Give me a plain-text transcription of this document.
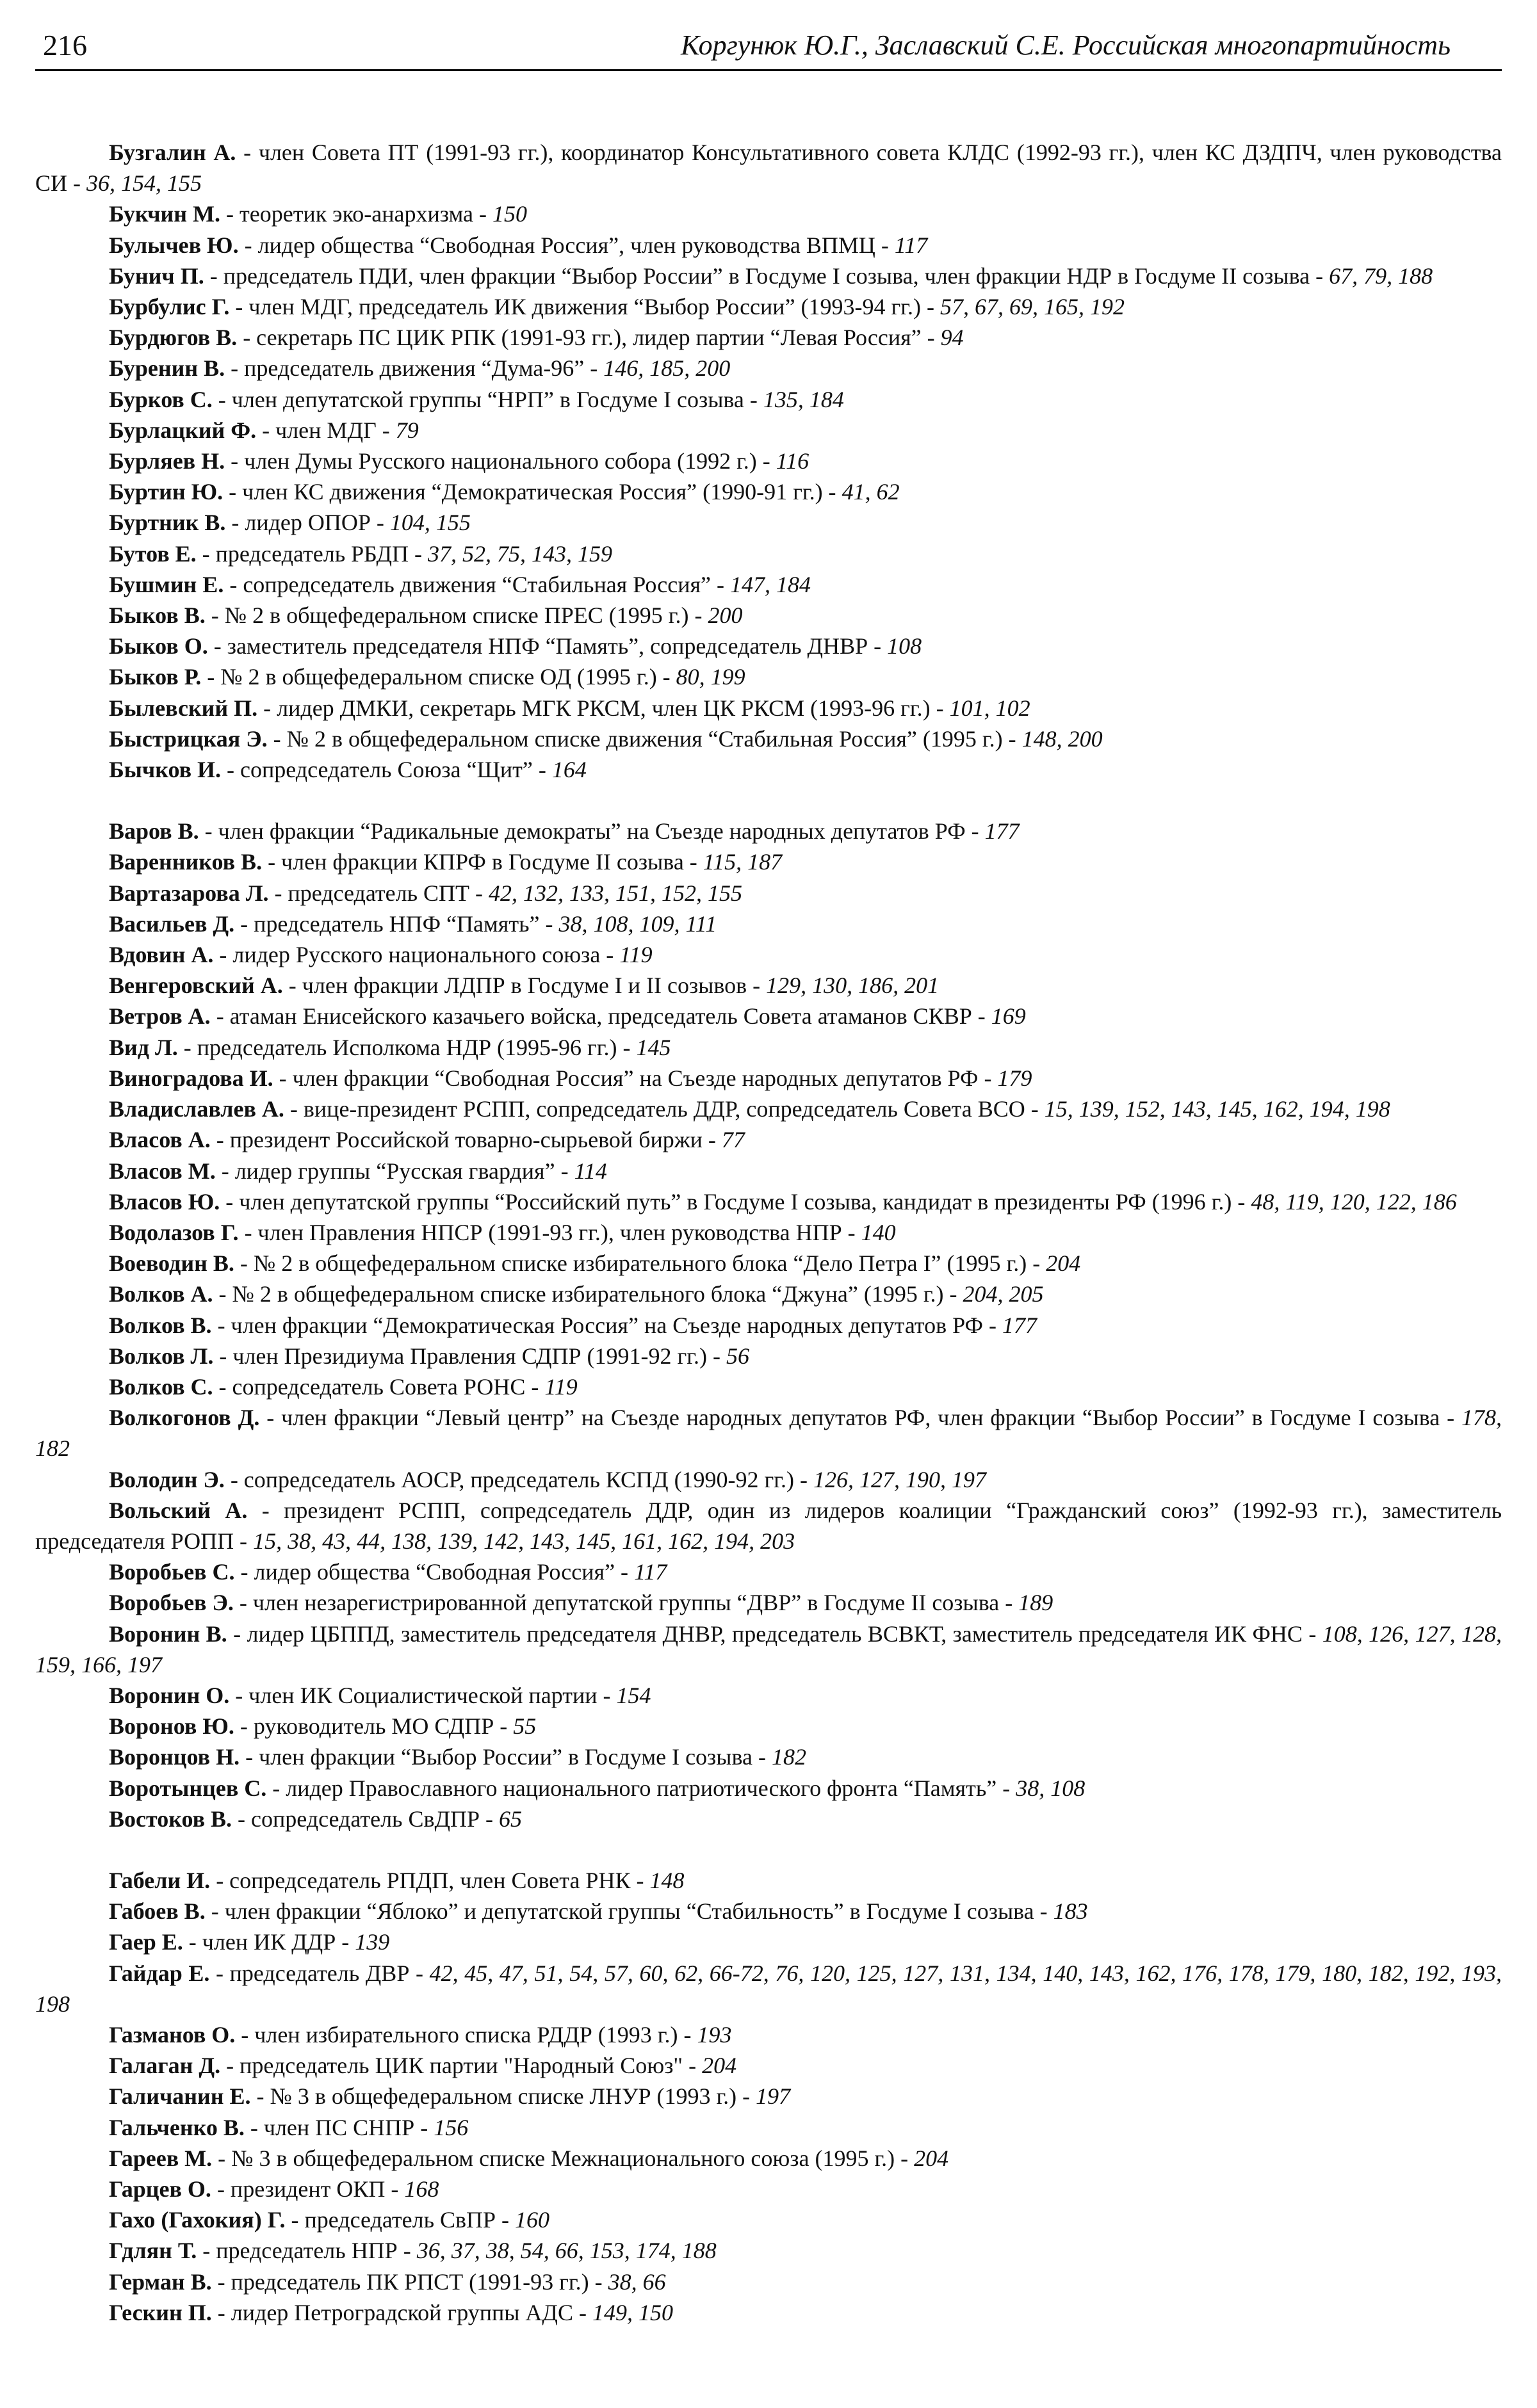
216	Коргунюк Ю.Г., Заславский С.Е. Российская многопартийность

Бузгалин А. - член Совета ПТ (1991-93 гг.), координатор Консультативного совета КЛДС (1992-93 гг.), член КС ДЗДПЧ, член руководства СИ - 36, 154, 155

Букчин М. - теоретик эко-анархизма - 150

Булычев Ю. - лидер общества “Свободная Россия”, член руководства ВПМЦ - 117

Бунич П. - председатель ПДИ, член фракции “Выбор России” в Госдуме I созыва, член фракции НДР в Госдуме II созыва - 67, 79, 188

Бурбулис Г. - член МДГ, председатель ИК движения “Выбор России” (1993-94 гг.) - 57, 67, 69, 165, 192

Бурдюгов В. - секретарь ПС ЦИК РПК (1991-93 гг.), лидер партии “Левая Россия” - 94

Буренин В. - председатель движения “Дума-96” - 146, 185, 200

Бурков С. - член депутатской группы “НРП” в Госдуме I созыва - 135, 184

Бурлацкий Ф. - член МДГ - 79

Бурляев Н. - член Думы Русского национального собора (1992 г.) - 116

Буртин Ю. - член КС движения “Демократическая Россия” (1990-91 гг.) - 41, 62

Буртник В. - лидер ОПОР - 104, 155

Бутов Е. - председатель РБДП - 37, 52, 75, 143, 159

Бушмин Е. - сопредседатель движения “Стабильная Россия” - 147, 184

Быков В. - № 2 в общефедеральном списке ПРЕС (1995 г.) - 200

Быков О. - заместитель председателя НПФ “Память”, сопредседатель ДНВР - 108

Быков Р. - № 2 в общефедеральном списке ОД (1995 г.) - 80, 199

Былевский П. - лидер ДМКИ, секретарь МГК РКСМ, член ЦК РКСМ (1993-96 гг.) - 101, 102

Быстрицкая Э. - № 2 в общефедеральном списке движения “Стабильная Россия” (1995 г.) - 148, 200

Бычков И. - сопредседатель Союза “Щит” - 164

Варов В. - член фракции “Радикальные демократы” на Съезде народных депутатов РФ - 177

Варенников В. - член фракции КПРФ в Госдуме II созыва - 115, 187

Вартазарова Л. - председатель СПТ - 42, 132, 133, 151, 152, 155

Васильев Д. - председатель НПФ “Память” - 38, 108, 109, 111

Вдовин А. - лидер Русского национального союза - 119

Венгеровский А. - член фракции ЛДПР в Госдуме I и II созывов - 129, 130, 186, 201

Ветров А. - атаман Енисейского казачьего войска, председатель Совета атаманов СКВР - 169

Вид Л. - председатель Исполкома НДР (1995-96 гг.) - 145

Виноградова И. - член фракции “Свободная Россия” на Съезде народных депутатов РФ - 179

Владиславлев А. - вице-президент РСПП, сопредседатель ДДР, сопредседатель Совета ВСО - 15, 139, 152, 143, 145, 162, 194, 198

Власов А. - президент Российской товарно-сырьевой биржи - 77

Власов М. - лидер группы “Русская гвардия” - 114

Власов Ю. - член депутатской группы “Российский путь” в Госдуме I созыва, кандидат в президенты РФ (1996 г.) - 48, 119, 120, 122, 186

Водолазов Г. - член Правления НПСР (1991-93 гг.), член руководства НПР - 140

Воеводин В. - № 2 в общефедеральном списке избирательного блока “Дело Петра I” (1995 г.) - 204

Волков А. - № 2 в общефедеральном списке избирательного блока “Джуна” (1995 г.) - 204, 205

Волков В. - член фракции “Демократическая Россия” на Съезде народных депутатов РФ - 177

Волков Л. - член Президиума Правления СДПР (1991-92 гг.) - 56

Волков С. - сопредседатель Совета РОНС - 119

Волкогонов Д. - член фракции “Левый центр” на Съезде народных депутатов РФ, член фракции “Выбор России” в Госдуме I созыва - 178, 182

Володин Э. - сопредседатель АОСР, председатель КСПД (1990-92 гг.) - 126, 127, 190, 197

Вольский А. - президент РСПП, сопредседатель ДДР, один из лидеров коалиции “Гражданский союз” (1992-93 гг.), заместитель председателя РОПП - 15, 38, 43, 44, 138, 139, 142, 143, 145, 161, 162, 194, 203

Воробьев С. - лидер общества “Свободная Россия” - 117

Воробьев Э. - член незарегистрированной депутатской группы “ДВР” в Госдуме II созыва - 189

Воронин В. - лидер ЦБППД, заместитель председателя ДНВР, председатель ВСВКТ, заместитель председателя ИК ФНС - 108, 126, 127, 128, 159, 166, 197

Воронин О. - член ИК Социалистической партии - 154

Воронов Ю. - руководитель МО СДПР - 55

Воронцов Н. - член фракции “Выбор России” в Госдуме I созыва - 182

Воротынцев С. - лидер Православного национального патриотического фронта “Память” - 38, 108

Востоков В. - сопредседатель СвДПР - 65

Габели И. - сопредседатель РПДП, член Совета РНК - 148

Габоев В. - член фракции “Яблоко” и депутатской группы “Стабильность” в Госдуме I созыва - 183

Гаер Е. - член ИК ДДР - 139

Гайдар Е. - председатель ДВР - 42, 45, 47, 51, 54, 57, 60, 62, 66-72, 76, 120, 125, 127, 131, 134, 140, 143, 162, 176, 178, 179, 180, 182, 192, 193, 198

Газманов О. - член избирательного списка РДДР (1993 г.) - 193

Галаган Д. - председатель ЦИК партии "Народный Союз" - 204

Галичанин Е. - № 3 в общефедеральном списке ЛНУР (1993 г.) - 197

Гальченко В. - член ПС СНПР - 156

Гареев М. - № 3 в общефедеральном списке Межнационального союза (1995 г.) - 204

Гарцев О. - президент ОКП - 168

Гахо (Гахокия) Г. - председатель СвПР - 160

Гдлян Т. - председатель НПР - 36, 37, 38, 54, 66, 153, 174, 188

Герман В. - председатель ПК РПСТ (1991-93 гг.) - 38, 66

Гескин П. - лидер Петроградской группы АДС - 149, 150
